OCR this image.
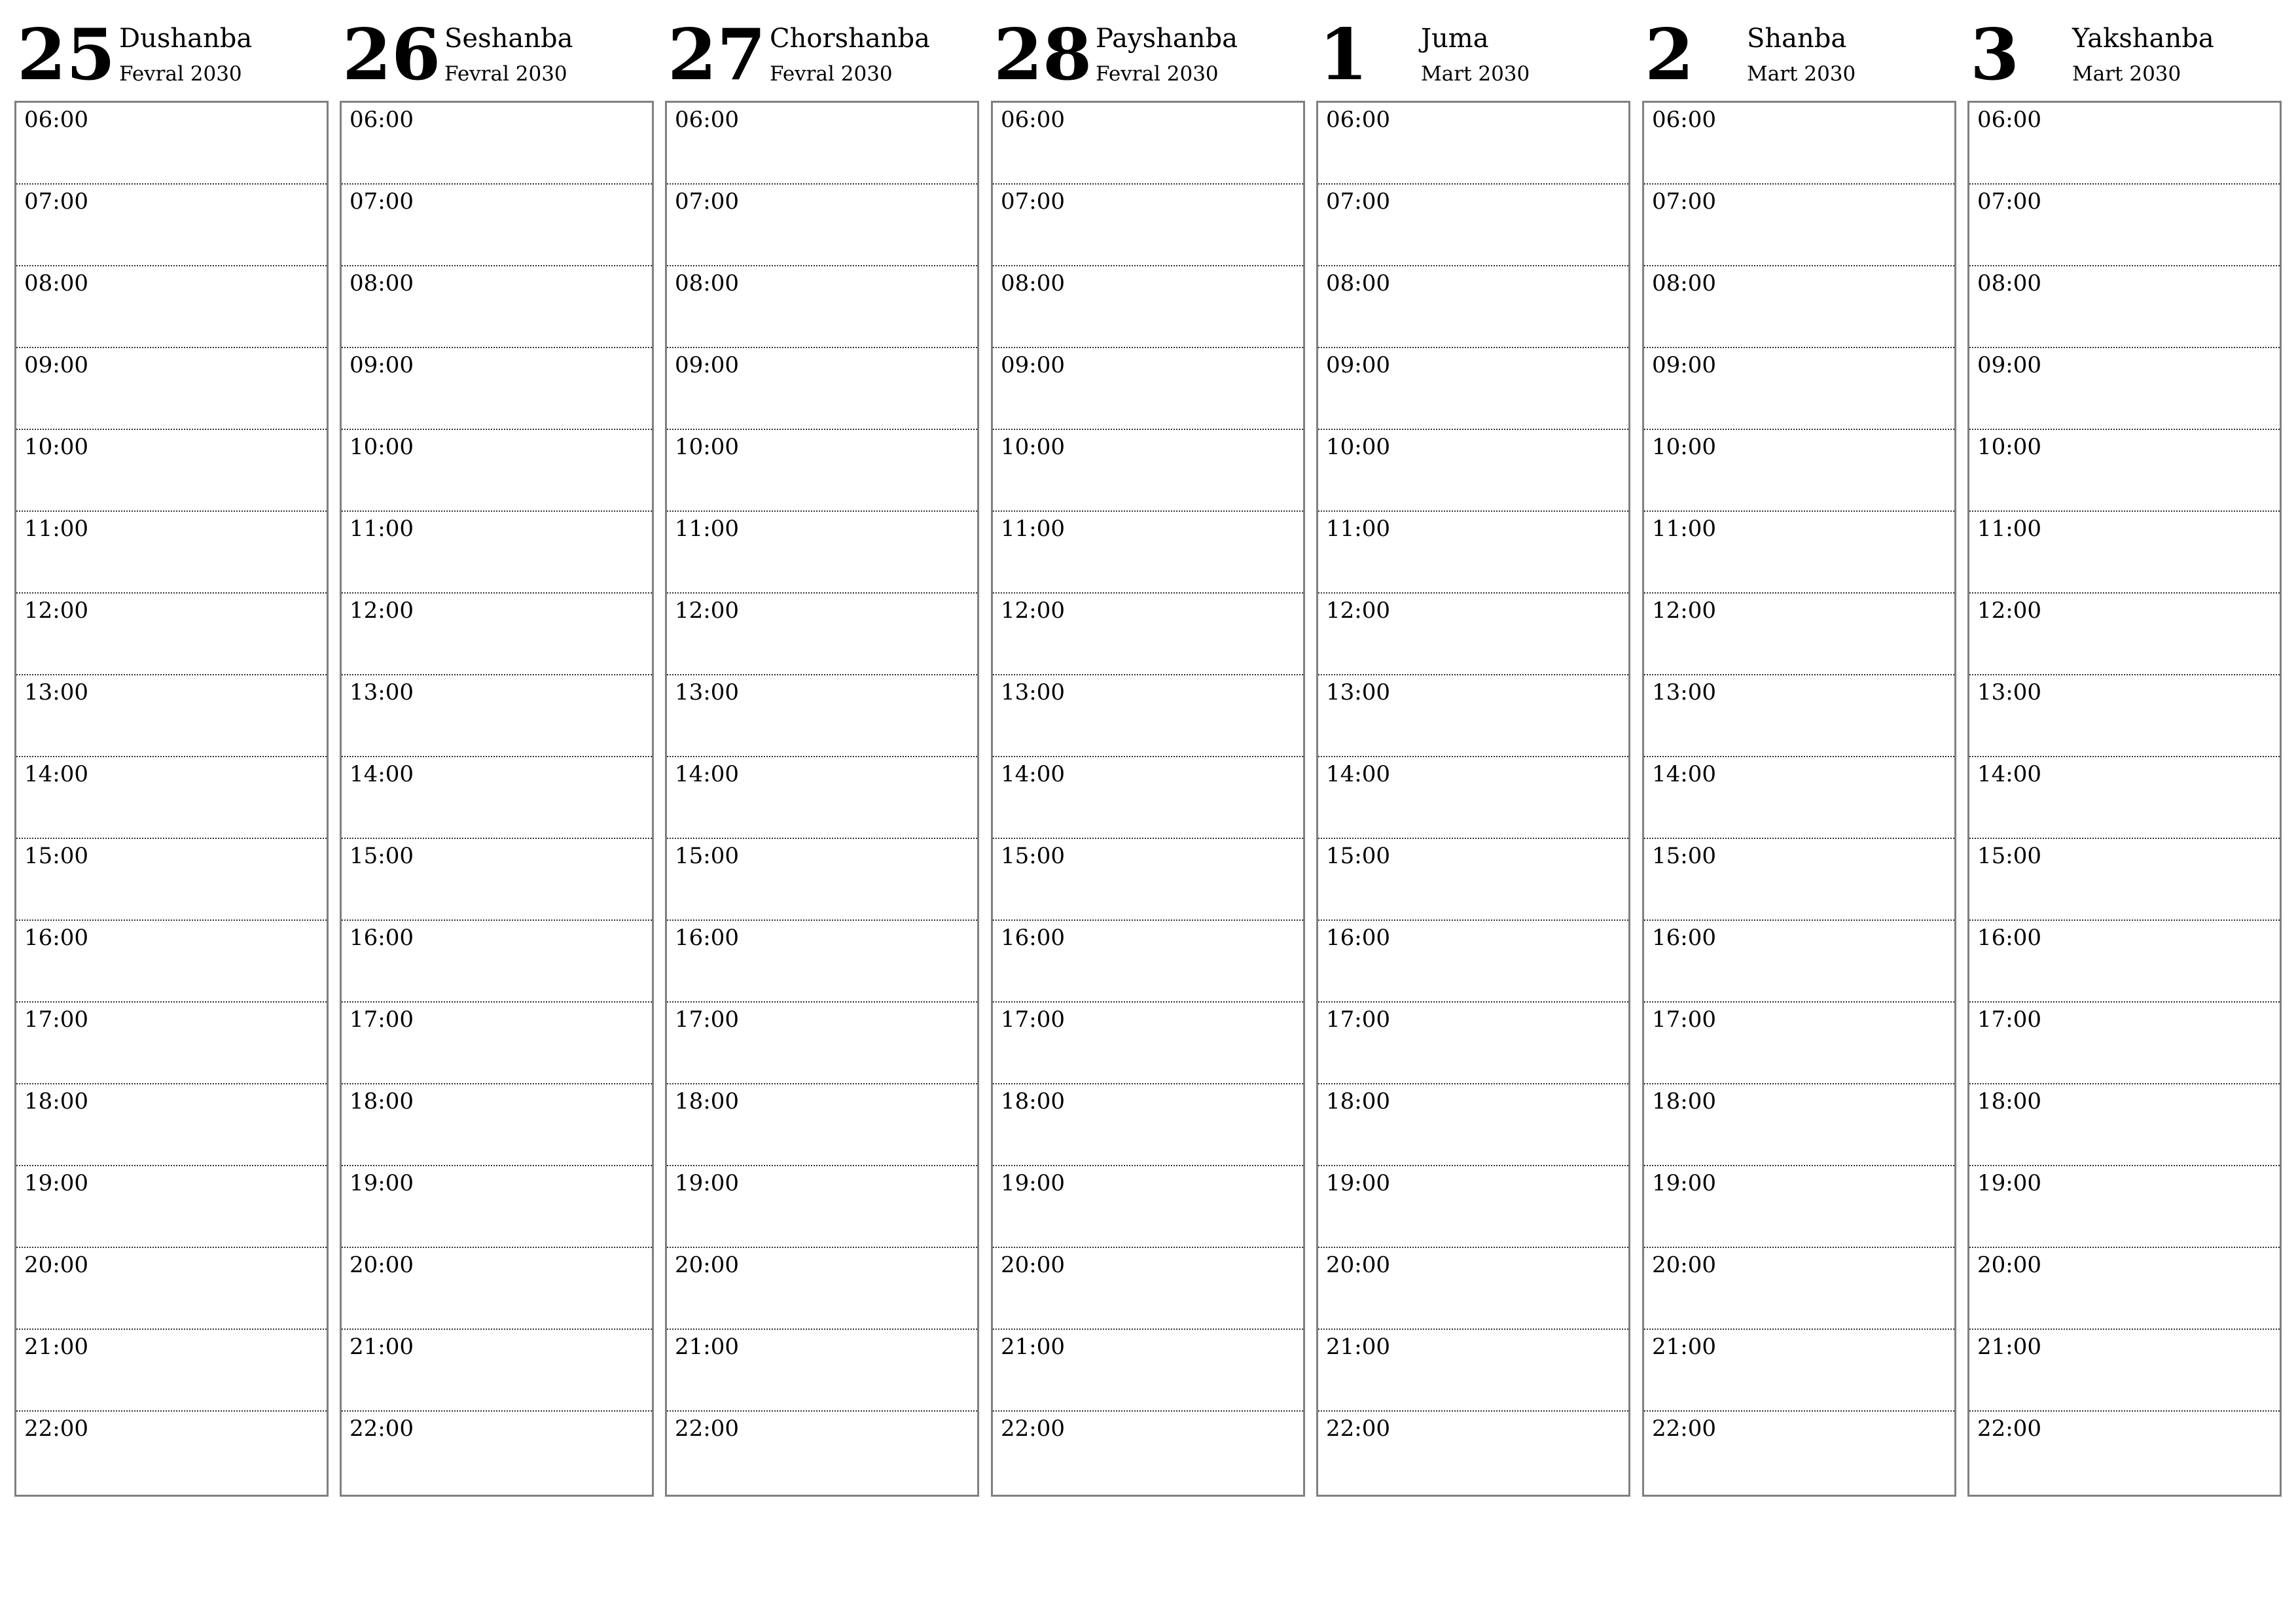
25 Dushanba
Fevral 2030
06:00
07:00
08:00
09:00
10:00
11:00
12:00
13:00
14:00
15:00
16:00
17:00
18:00
19:00
20:00
21:00
22:00
26 Seshanba
Fevral 2030
06:00
07:00
08:00
09:00
10:00
11:00
12:00
13:00
14:00
15:00
16:00
17:00
18:00
19:00
20:00
21:00
22:00
27 Chorshanba
Fevral 2030
06:00
07:00
08:00
09:00
10:00
11:00
12:00
13:00
14:00
15:00
16:00
17:00
18:00
19:00
20:00
21:00
22:00
28 Payshanba
Fevral 2030
06:00
07:00
08:00
09:00
10:00
11:00
12:00
13:00
14:00
15:00
16:00
17:00
18:00
19:00
20:00
21:00
22:00
1 Juma
Mart 2030
06:00
07:00
08:00
09:00
10:00
11:00
12:00
13:00
14:00
15:00
16:00
17:00
18:00
19:00
20:00
21:00
22:00
2 Shanba
Mart 2030
06:00
07:00
08:00
09:00
10:00
11:00
12:00
13:00
14:00
15:00
16:00
17:00
18:00
19:00
20:00
21:00
22:00
3 Yakshanba
Mart 2030
06:00
07:00
08:00
09:00
10:00
11:00
12:00
13:00
14:00
15:00
16:00
17:00
18:00
19:00
20:00
21:00
22:00
